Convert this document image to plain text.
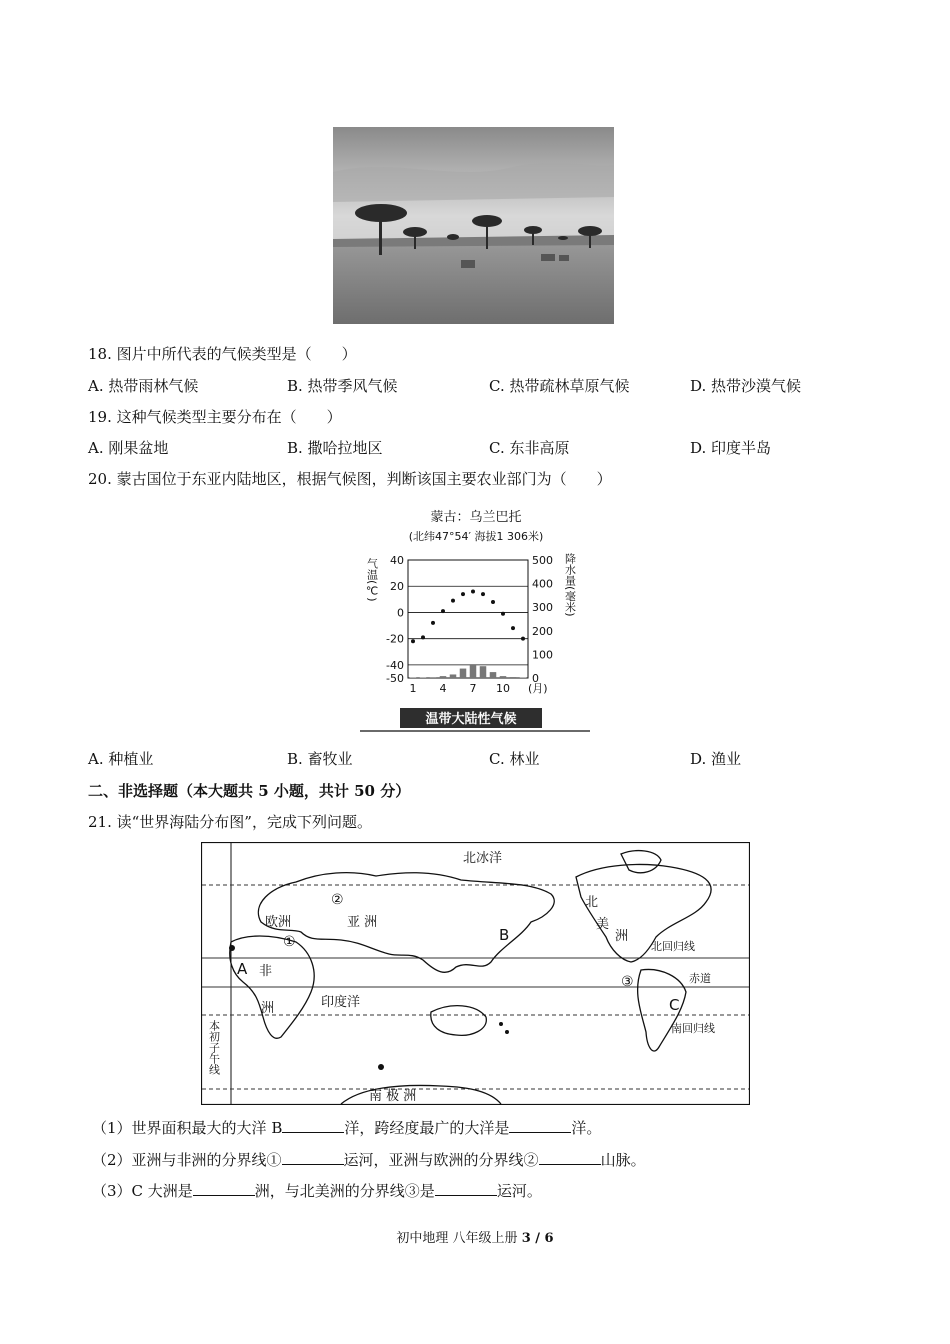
18. 图片中所代表的气候类型是（　　）
A. 热带雨林气候	B. 热带季风气候	C. 热带疏林草原气候	D. 热带沙漠气候
19. 这种气候类型主要分布在（　　）
A. 刚果盆地	B. 撒哈拉地区	C. 东非高原	D. 印度半岛
20. 蒙古国位于东亚内陆地区，根据气候图，判断该国主要农业部门为（　　）
蒙古：乌兰巴托
(北纬47°54′ 海拔1 306米)
气温(℃)	降水量(毫米)
40
20
0
-20
-40
-50
500
400
300
200
100
0
1 4 7 10 (月)
温带大陆性气候
A. 种植业	B. 畜牧业	C. 林业	D. 渔业
二、非选择题（本大题共 5 小题，共计 50 分）
21. 读“世界海陆分布图”，完成下列问题。
北冰洋
欧洲	亚 洲
非
洲
北
美
洲
印度洋
南 极 洲
北回归线
赤道
南回归线
A
B
C
①
②
③
本初子午线
（1）世界面积最大的大洋 B	洋，跨经度最广的大洋是	洋。
（2）亚洲与非洲的分界线①	运河，亚洲与欧洲的分界线②	山脉。
（3）C 大洲是	洲，与北美洲的分界线③是	运河。
初中地理 八年级上册 3 / 6
